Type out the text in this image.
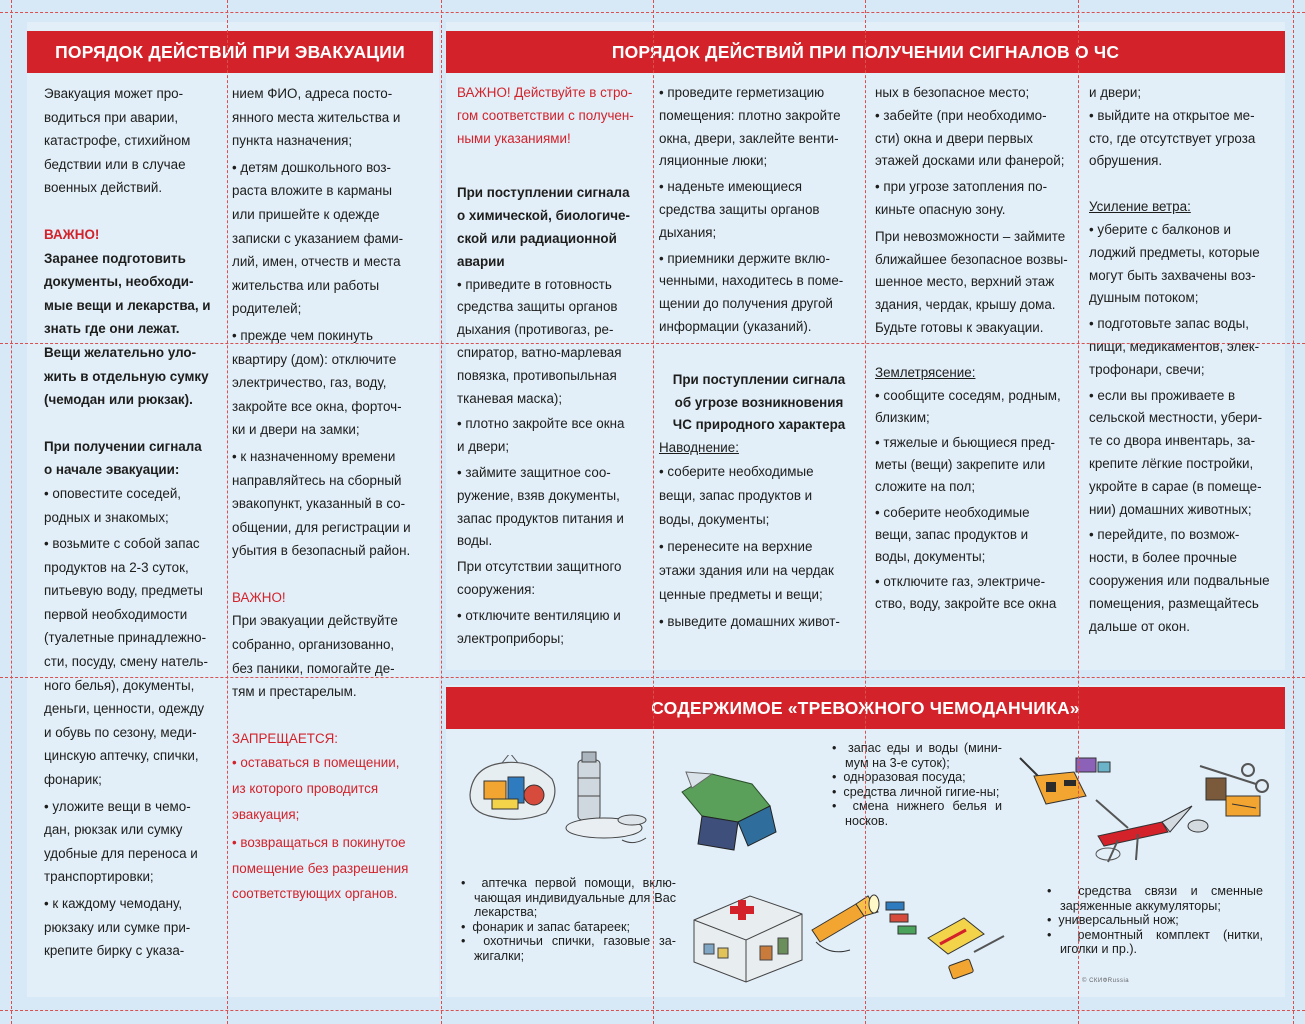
ПОРЯДОК ДЕЙСТВИЙ ПРИ ЭВАКУАЦИИ	ПОРЯДОК ДЕЙСТВИЙ ПРИ ПОЛУЧЕНИИ СИГНАЛОВ О ЧС
СОДЕРЖИМОЕ «ТРЕВОЖНОГО ЧЕМОДАНЧИКА»

Эвакуация может про-

водиться при аварии,

катастрофе, стихийном

бедствии или в случае

военных действий.

ВАЖНО!

Заранее подготовить

документы, необходи-

мые вещи и лекарства, и

знать где они лежат.

Вещи желательно уло-

жить в отдельную сумку

(чемодан или рюкзак).

При получении сигнала

о начале эвакуации:

• оповестите соседей,

родных и знакомых;

• возьмите с собой запас

продуктов на 2-3 суток,

питьевую воду, предметы

первой необходимости

(туалетные принадлежно-

сти, посуду, смену натель-

ного белья), документы,

деньги, ценности, одежду

и обувь по сезону, меди-

цинскую аптечку, спички,

фонарик;

• уложите вещи в чемо-

дан, рюкзак или сумку

удобные для переноса и

транспортировки;

• к каждому чемодану,

рюкзаку или сумке при-

крепите бирку с указа-

нием ФИО, адреса посто-

янного места жительства и

пункта назначения;

• детям дошкольного воз-

раста вложите в карманы

или пришейте к одежде

записки с указанием фами-

лий, имен, отчеств и места

жительства или работы

родителей;

• прежде чем покинуть

квартиру (дом): отключите

электричество, газ, воду,

закройте все окна, форточ-

ки и двери на замки;

• к назначенному времени

направляйтесь на сборный

эвакопункт, указанный в со-

общении, для регистрации и

убытия в безопасный район.

ВАЖНО!

При эвакуации действуйте

собранно, организованно,

без паники, помогайте де-

тям и престарелым.

ЗАПРЕЩАЕТСЯ:

• оставаться в помещении,

из которого проводится

эвакуация;

• возвращаться в покинутое

помещение без разрешения

соответствующих органов.

ВАЖНО! Действуйте в стро-

гом соответствии с получен-

ными указаниями!

При поступлении сигнала

о химической, биологиче-

ской или радиационной

аварии

• приведите в готовность

средства защиты органов

дыхания (противогаз, ре-

спиратор, ватно-марлевая

повязка, противопыльная

тканевая маска);

• плотно закройте все окна

и двери;

• займите защитное соо-

ружение, взяв документы,

запас продуктов питания и

воды.

При отсутствии защитного

сооружения:

• отключите вентиляцию и

электроприборы;

• проведите герметизацию

помещения: плотно закройте

окна, двери, заклейте венти-

ляционные люки;

• наденьте имеющиеся

средства защиты органов

дыхания;

• приемники держите вклю-

ченными, находитесь в поме-

щении до получения другой

информации (указаний).

При поступлении сигнала

об угрозе возникновения

ЧС природного характера

Наводнение:

• соберите необходимые

вещи, запас продуктов и

воды, документы;

• перенесите на верхние

этажи здания или на чердак

ценные предметы и вещи;

• выведите домашних живот-

ных в безопасное место;

• забейте (при необходимо-

сти) окна и двери первых

этажей досками или фанерой;

• при угрозе затопления по-

киньте опасную зону.

При невозможности – займите

ближайшее безопасное возвы-

шенное место, верхний этаж

здания, чердак, крышу дома.

Будьте готовы к эвакуации.

Землетрясение:

• сообщите соседям, родным,

близким;

• тяжелые и бьющиеся пред-

меты (вещи) закрепите или

сложите на пол;

• соберите необходимые

вещи, запас продуктов и

воды, документы;

• отключите газ, электриче-

ство, воду, закройте все окна

и двери;

• выйдите на открытое ме-

сто, где отсутствует угроза

обрушения.

Усиление ветра:

• уберите с балконов и

лоджий предметы, которые

могут быть захвачены воз-

душным потоком;

• подготовьте запас воды,

пищи, медикаментов, элек-

трофонари, свечи;

• если вы проживаете в

сельской местности, убери-

те со двора инвентарь, за-

крепите лёгкие постройки,

укройте в сарае (в помеще-

нии) домашних животных;

• перейдите, по возмож-

ности, в более прочные

сооружения или подвальные

помещения, размещайтесь

дальше от окон.

•  запас еды и воды (мини-мум на 3-е суток);

•  одноразовая посуда;

•  средства личной гигие-ны;

•  смена нижнего белья и носков.

•  аптечка первой помощи, вклю-чающая индивидуальные для Вас лекарства;

•  фонарик и запас батареек;

•  охотничьи спички, газовые за-жигалки;

•  средства связи и сменные заряженные аккумуляторы;

•  универсальный нож;

•  ремонтный комплект (нитки, иголки и пр.).

© СКИФRussia
